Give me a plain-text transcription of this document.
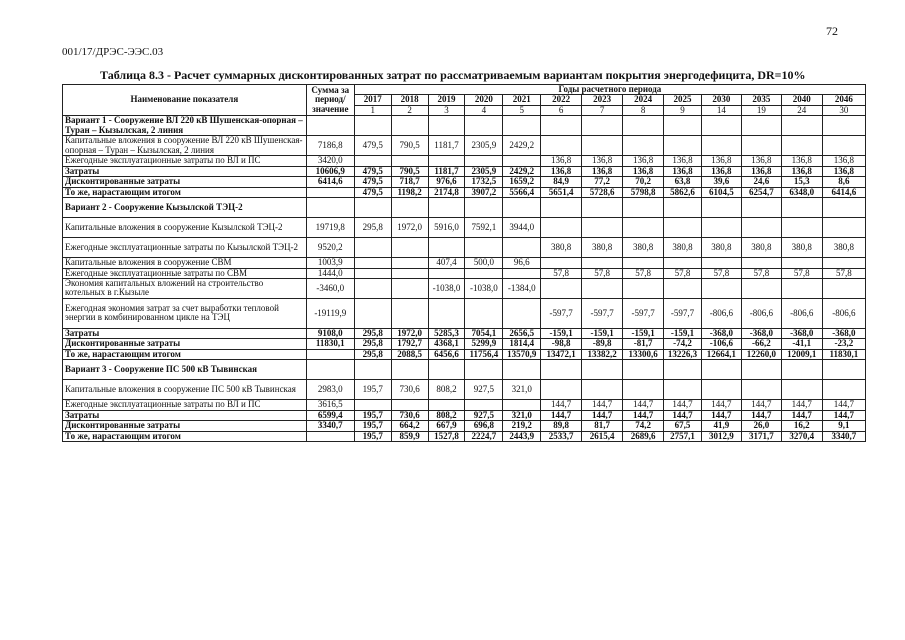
72
001/17/ДРЭС-ЭЭС.03
Таблица 8.3 - Расчет суммарных дисконтированных затрат по рассматриваемым вариантам покрытия энергодефицита, DR=10%
Наименование показателя	Сумма за период/ значение	Годы расчетного периода												
		2017	2018	2019	2020	2021	2022	2023	2024	2025	2030	2035	2040	2046
		1	2	3	4	5	6	7	8	9	14	19	24	30
Вариант 1 - Сооружение ВЛ 220 кВ Шушенская-опорная – Туран – Кызылская, 2 линия														
Капитальные вложения в сооружение ВЛ 220 кВ Шушенская-опорная – Туран – Кызылская, 2 линия	7186,8	479,5	790,5	1181,7	2305,9	2429,2								
Ежегодные эксплуатационные затраты по ВЛ и ПС	3420,0						136,8	136,8	136,8	136,8	136,8	136,8	136,8	136,8
Затраты	10606,9	479,5	790,5	1181,7	2305,9	2429,2	136,8	136,8	136,8	136,8	136,8	136,8	136,8	136,8
Дисконтированные затраты	6414,6	479,5	718,7	976,6	1732,5	1659,2	84,9	77,2	70,2	63,8	39,6	24,6	15,3	8,6
То же, нарастающим итогом		479,5	1198,2	2174,8	3907,2	5566,4	5651,4	5728,6	5798,8	5862,6	6104,5	6254,7	6348,0	6414,6
Вариант 2 - Сооружение Кызылской ТЭЦ-2														
Капитальные вложения в сооружение Кызылской ТЭЦ-2	19719,8	295,8	1972,0	5916,0	7592,1	3944,0								
Ежегодные эксплуатационные затраты по Кызылской ТЭЦ-2	9520,2						380,8	380,8	380,8	380,8	380,8	380,8	380,8	380,8
Капитальные вложения в сооружение СВМ	1003,9			407,4	500,0	96,6								
Ежегодные эксплуатационные затраты по СВМ	1444,0						57,8	57,8	57,8	57,8	57,8	57,8	57,8	57,8
Экономия капитальных вложений на строительство котельных в г.Кызыле	-3460,0			-1038,0	-1038,0	-1384,0								
Ежегодная экономия затрат за счет выработки тепловой энергии в комбинированном цикле на ТЭЦ	-19119,9						-597,7	-597,7	-597,7	-597,7	-806,6	-806,6	-806,6	-806,6
Затраты	9108,0	295,8	1972,0	5285,3	7054,1	2656,5	-159,1	-159,1	-159,1	-159,1	-368,0	-368,0	-368,0	-368,0
Дисконтированные затраты	11830,1	295,8	1792,7	4368,1	5299,9	1814,4	-98,8	-89,8	-81,7	-74,2	-106,6	-66,2	-41,1	-23,2
То же, нарастающим итогом		295,8	2088,5	6456,6	11756,4	13570,9	13472,1	13382,2	13300,6	13226,3	12664,1	12260,0	12009,1	11830,1
Вариант 3 - Сооружение ПС 500 кВ Тывинская														
Капитальные вложения в сооружение ПС 500 кВ Тывинская	2983,0	195,7	730,6	808,2	927,5	321,0								
Ежегодные эксплуатационные затраты по ВЛ и ПС	3616,5						144,7	144,7	144,7	144,7	144,7	144,7	144,7	144,7
Затраты	6599,4	195,7	730,6	808,2	927,5	321,0	144,7	144,7	144,7	144,7	144,7	144,7	144,7	144,7
Дисконтированные затраты	3340,7	195,7	664,2	667,9	696,8	219,2	89,8	81,7	74,2	67,5	41,9	26,0	16,2	9,1
То же, нарастающим итогом		195,7	859,9	1527,8	2224,7	2443,9	2533,7	2615,4	2689,6	2757,1	3012,9	3171,7	3270,4	3340,7
